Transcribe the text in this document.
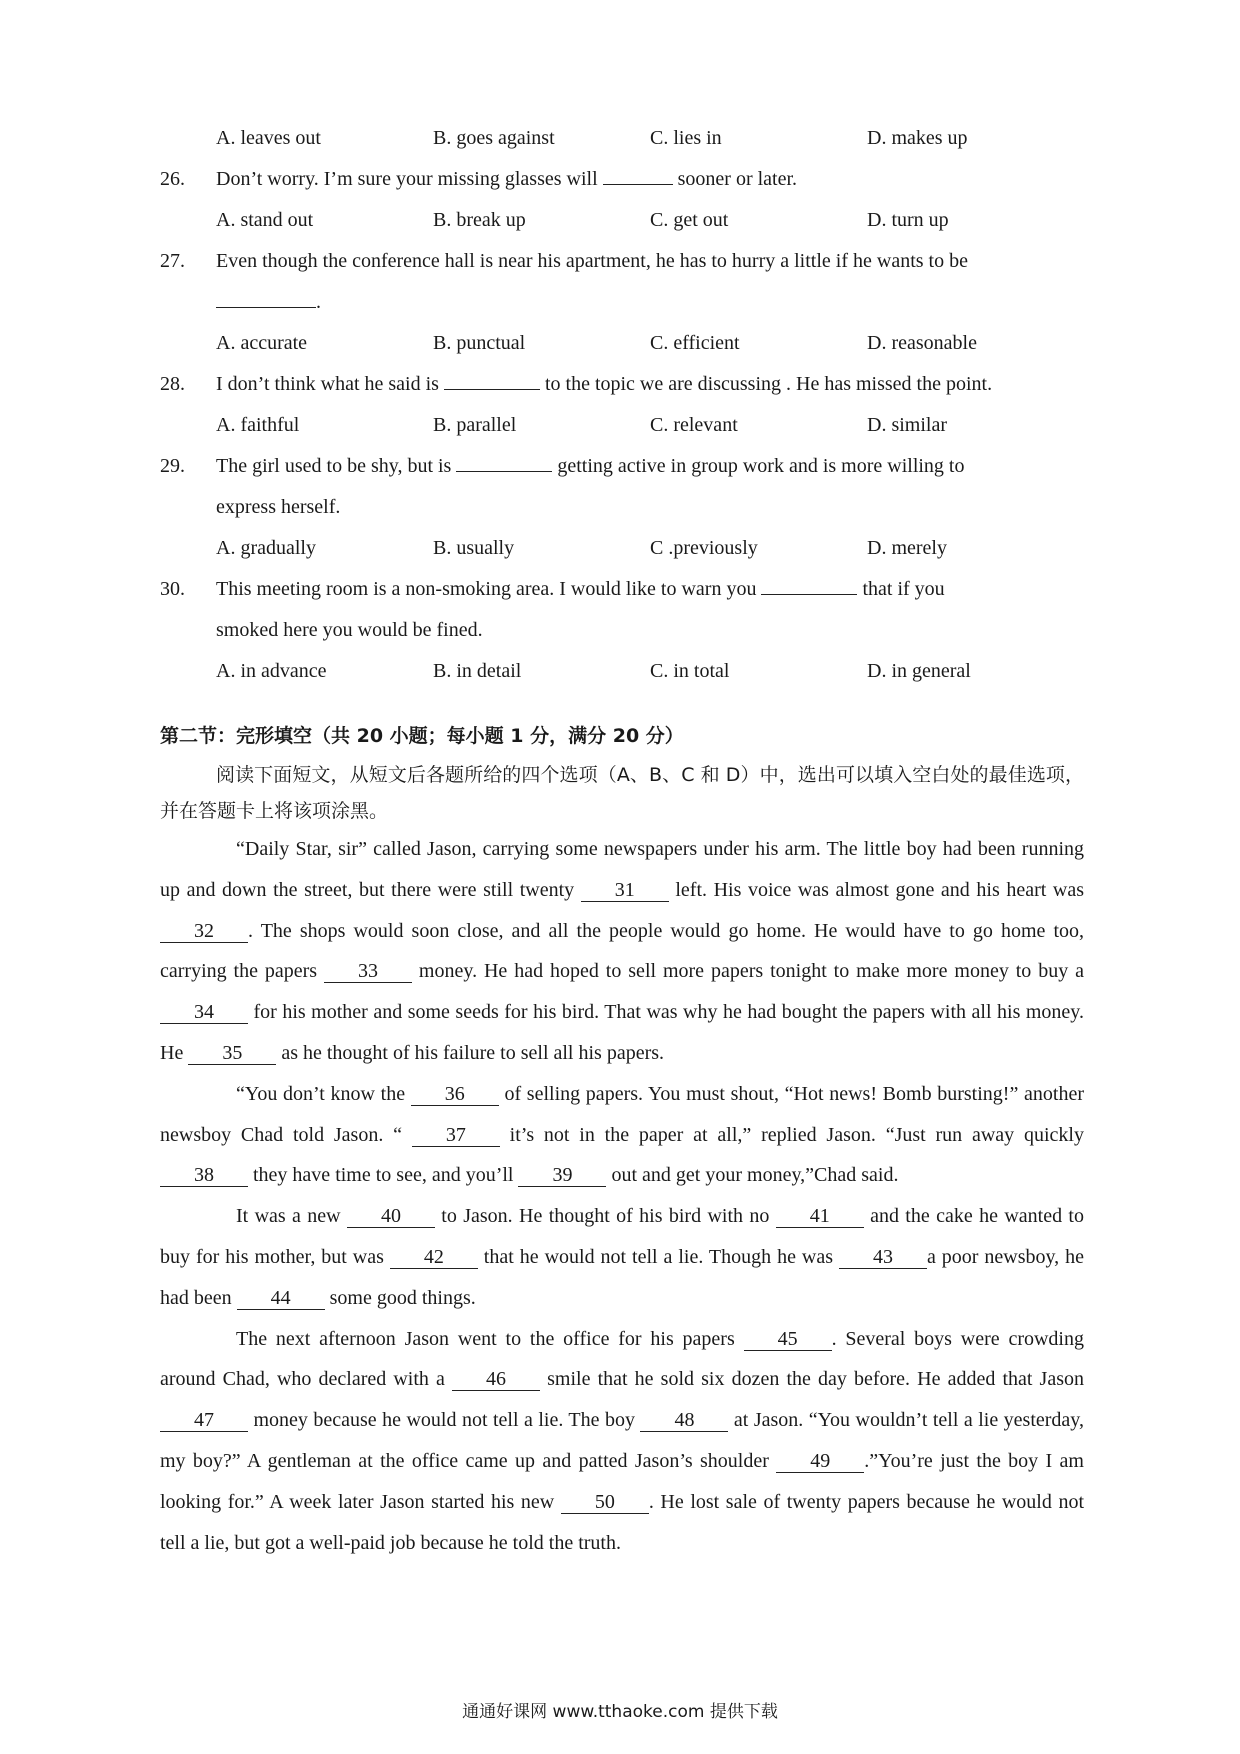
A. leaves out	B. goes against	C. lies in	D. makes up
26.	Don’t worry. I’m sure your missing glasses will	sooner or later.
A. stand out	B. break up	C. get out	D. turn up
27.	Even though the conference hall is near his apartment, he has to hurry a little if he wants to be
.
A. accurate	B. punctual	C. efficient	D. reasonable
28.	I don’t think what he said is	to the topic we are discussing . He has missed the point.
A. faithful	B. parallel	C. relevant	D. similar
29.	The girl used to be shy, but is	getting active in group work and is more willing to
express herself.
A. gradually	B. usually	C .previously	D. merely
30.	This meeting room is a non-smoking area. I would like to warn you	that if you
smoked here you would be fined.
A. in advance	B. in detail	C. in total	D. in general
第二节：完形填空（共 20 小题；每小题 1 分，满分 20 分）
阅读下面短文，从短文后各题所给的四个选项（A、B、C 和 D）中，选出可以填入空白处的最佳选项，并在答题卡上将该项涂黑。

“Daily Star, sir” called Jason, carrying some newspapers under his arm. The little boy had been running up and down the street, but there were still twenty 31 left. His voice was almost gone and his heart was 32 . The shops would soon close, and all the people would go home. He would have to go home too, carrying the papers 33 money. He had hoped to sell more papers tonight to make more money to buy a 34 for his mother and some seeds for his bird. That was why he had bought the papers with all his money. He 35 as he thought of his failure to sell all his papers.

“You don’t know the 36 of selling papers. You must shout, “Hot news! Bomb bursting!” another newsboy Chad told Jason. “ 37 it’s not in the paper at all,” replied Jason. “Just run away quickly 38 they have time to see, and you’ll 39 out and get your money,”Chad said.

It was a new 40 to Jason. He thought of his bird with no 41 and the cake he wanted to buy for his mother, but was 42 that he would not tell a lie. Though he was 43 a poor newsboy, he had been 44 some good things.

The next afternoon Jason went to the office for his papers 45 . Several boys were crowding around Chad, who declared with a 46 smile that he sold six dozen the day before. He added that Jason 47 money because he would not tell a lie. The boy 48 at Jason. “You wouldn’t tell a lie yesterday, my boy?” A gentleman at the office came up and patted Jason’s shoulder 49 .”You’re just the boy I am looking for.” A week later Jason started his new 50 . He lost sale of twenty papers because he would not tell a lie, but got a well-paid job because he told the truth.

通通好课网 www.tthaoke.com 提供下载
